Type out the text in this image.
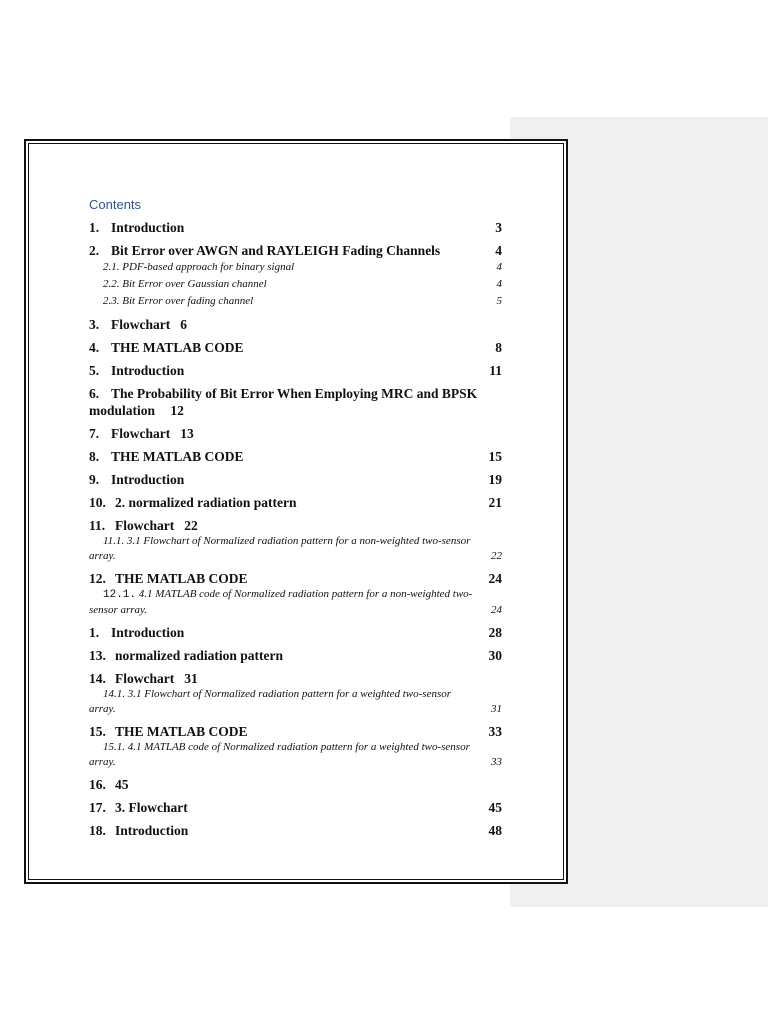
Contents
1. Introduction	3
2. Bit Error over AWGN and RAYLEIGH Fading Channels	4
2.1. PDF-based approach for binary signal	4
2.2. Bit Error over Gaussian channel	4
2.3. Bit Error over fading channel	5
3. Flowchart 6
4. THE MATLAB CODE	8
5. Introduction	11
6. The Probability of Bit Error When Employing MRC and BPSK
modulation 12
7. Flowchart 13
8. THE MATLAB CODE	15
9. Introduction	19
10. 2. normalized radiation pattern	21
11. Flowchart 22
11.1. 3.1 Flowchart of Normalized radiation pattern for a non-weighted two-sensor
array.	22
12. THE MATLAB CODE	24
12.1. 4.1 MATLAB code of Normalized radiation pattern for a non-weighted two-
sensor array.	24
1. Introduction	28
13. normalized radiation pattern	30
14. Flowchart 31
14.1. 3.1 Flowchart of Normalized radiation pattern for a weighted two-sensor
array.	31
15. THE MATLAB CODE	33
15.1. 4.1 MATLAB code of Normalized radiation pattern for a weighted two-sensor
array.	33
16. 45
17. 3. Flowchart	45
18. Introduction	48
